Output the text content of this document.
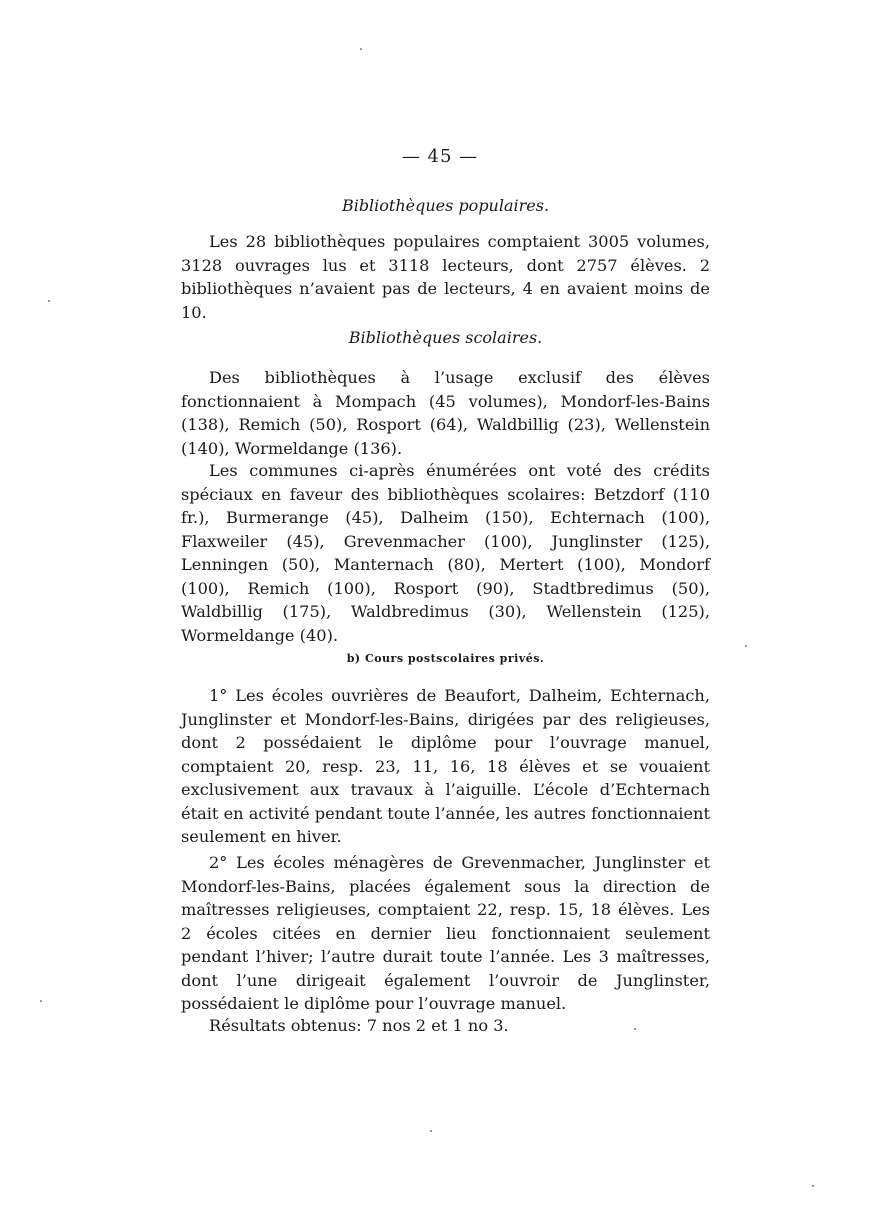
— 45 —
Bibliothèques populaires.

Les 28 bibliothèques populaires comptaient 3005 volumes, 3128 ouvrages lus et 3118 lecteurs, dont 2757 élèves. 2 bibliothèques n’avaient pas de lecteurs, 4 en avaient moins de 10.

Bibliothèques scolaires.

Des bibliothèques à l’usage exclusif des élèves fonctionnaient à Mompach (45 volumes), Mondorf-les-Bains (138), Remich (50), Rosport (64), Waldbillig (23), Wellenstein (140), Wormeldange (136).

Les communes ci-après énumérées ont voté des crédits spéciaux en faveur des bibliothèques scolaires: Betzdorf (110 fr.), Burmerange (45), Dalheim (150), Echternach (100), Flaxweiler (45), Grevenmacher (100), Junglinster (125), Lenningen (50), Manternach (80), Mertert (100), Mondorf (100), Remich (100), Rosport (90), Stadtbredimus (50), Waldbillig (175), Waldbredimus (30), Wellenstein (125), Wormeldange (40).

b) Cours postscolaires privés.

1° Les écoles ouvrières de Beaufort, Dalheim, Echternach, Junglinster et Mondorf-les-Bains, dirigées par des religieuses, dont 2 possédaient le diplôme pour l’ouvrage manuel, comptaient 20, resp. 23, 11, 16, 18 élèves et se vouaient exclusivement aux travaux à l’aiguille. L’école d’Echternach était en activité pendant toute l’année, les autres fonctionnaient seulement en hiver.

2° Les écoles ménagères de Grevenmacher, Junglinster et Mondorf-les-Bains, placées également sous la direction de maîtresses religieuses, comptaient 22, resp. 15, 18 élèves. Les 2 écoles citées en dernier lieu fonctionnaient seulement pendant l’hiver; l’autre durait toute l’année. Les 3 maîtresses, dont l’une dirigeait également l’ouvroir de Junglinster, possédaient le diplôme pour l’ouvrage manuel.

Résultats obtenus: 7 nos 2 et 1 no 3.
